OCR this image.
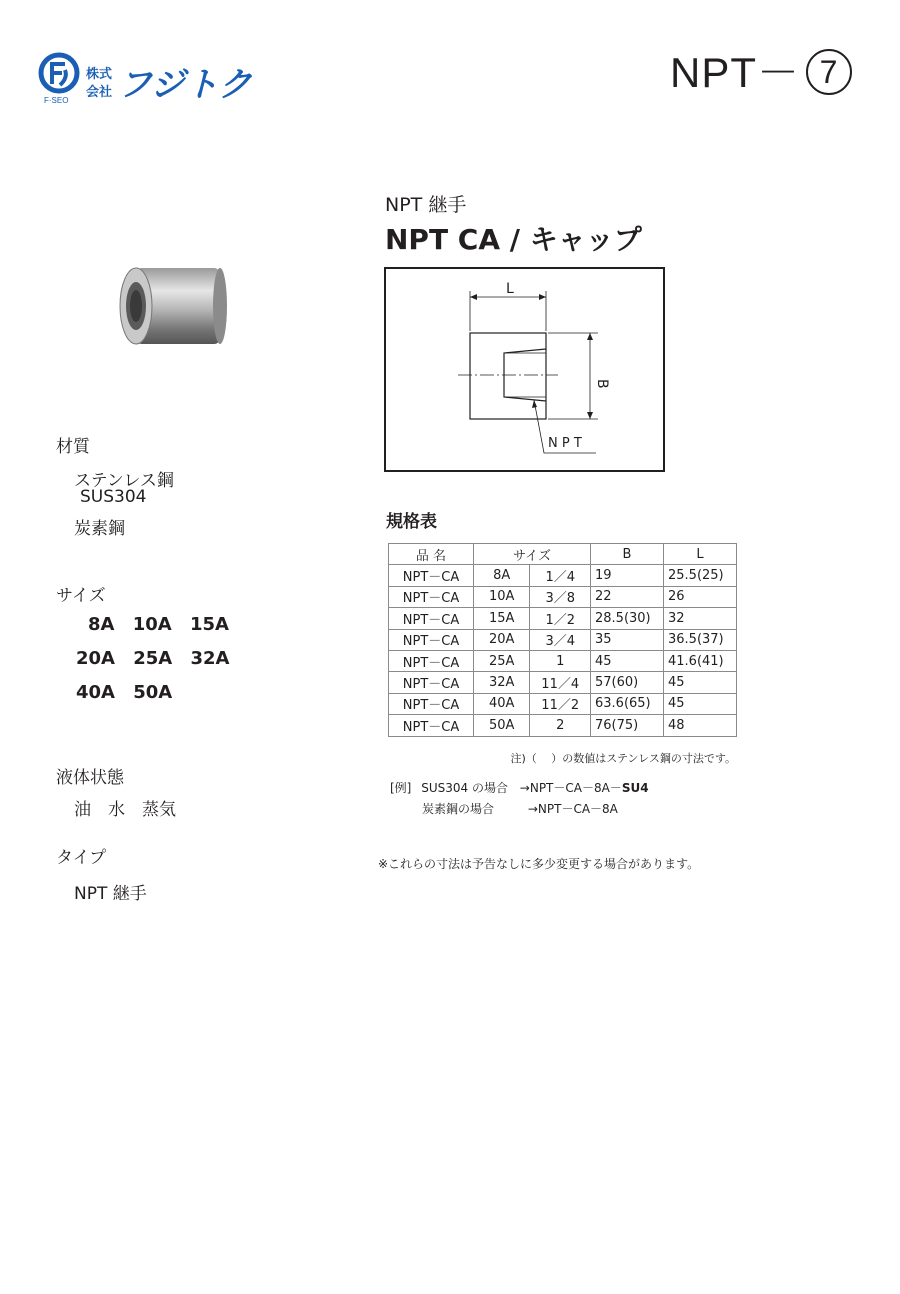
F·SEO
株式
会社 フジトク	NPT－ 7
NPT 継手
NPT CA / キャップ
L
B
N P T
規格表
品 名	サイズ		B	L
NPT－CA	8A	1／4	19	25.5(25)
NPT－CA	10A	3／8	22	26
NPT－CA	15A	1／2	28.5(30)	32
NPT－CA	20A	3／4	35	36.5(37)
NPT－CA	25A	1	45	41.6(41)
NPT－CA	32A	11／4	57(60)	45
NPT－CA	40A	11／2	63.6(65)	45
NPT－CA	50A	2	76(75)	48
注)（　 ）の数値はステンレス鋼の寸法です。
[例] SUS304 の場合 →NPT－CA－8A－SU4
炭素鋼の場合	→NPT－CA－8A
※これらの寸法は予告なしに多少変更する場合があります。
材質
ステンレス鋼
SUS304
炭素鋼
サイズ
8A 10A 15A
20A 25A 32A
40A 50A
液体状態
油　水　蒸気
タイプ
NPT 継手
